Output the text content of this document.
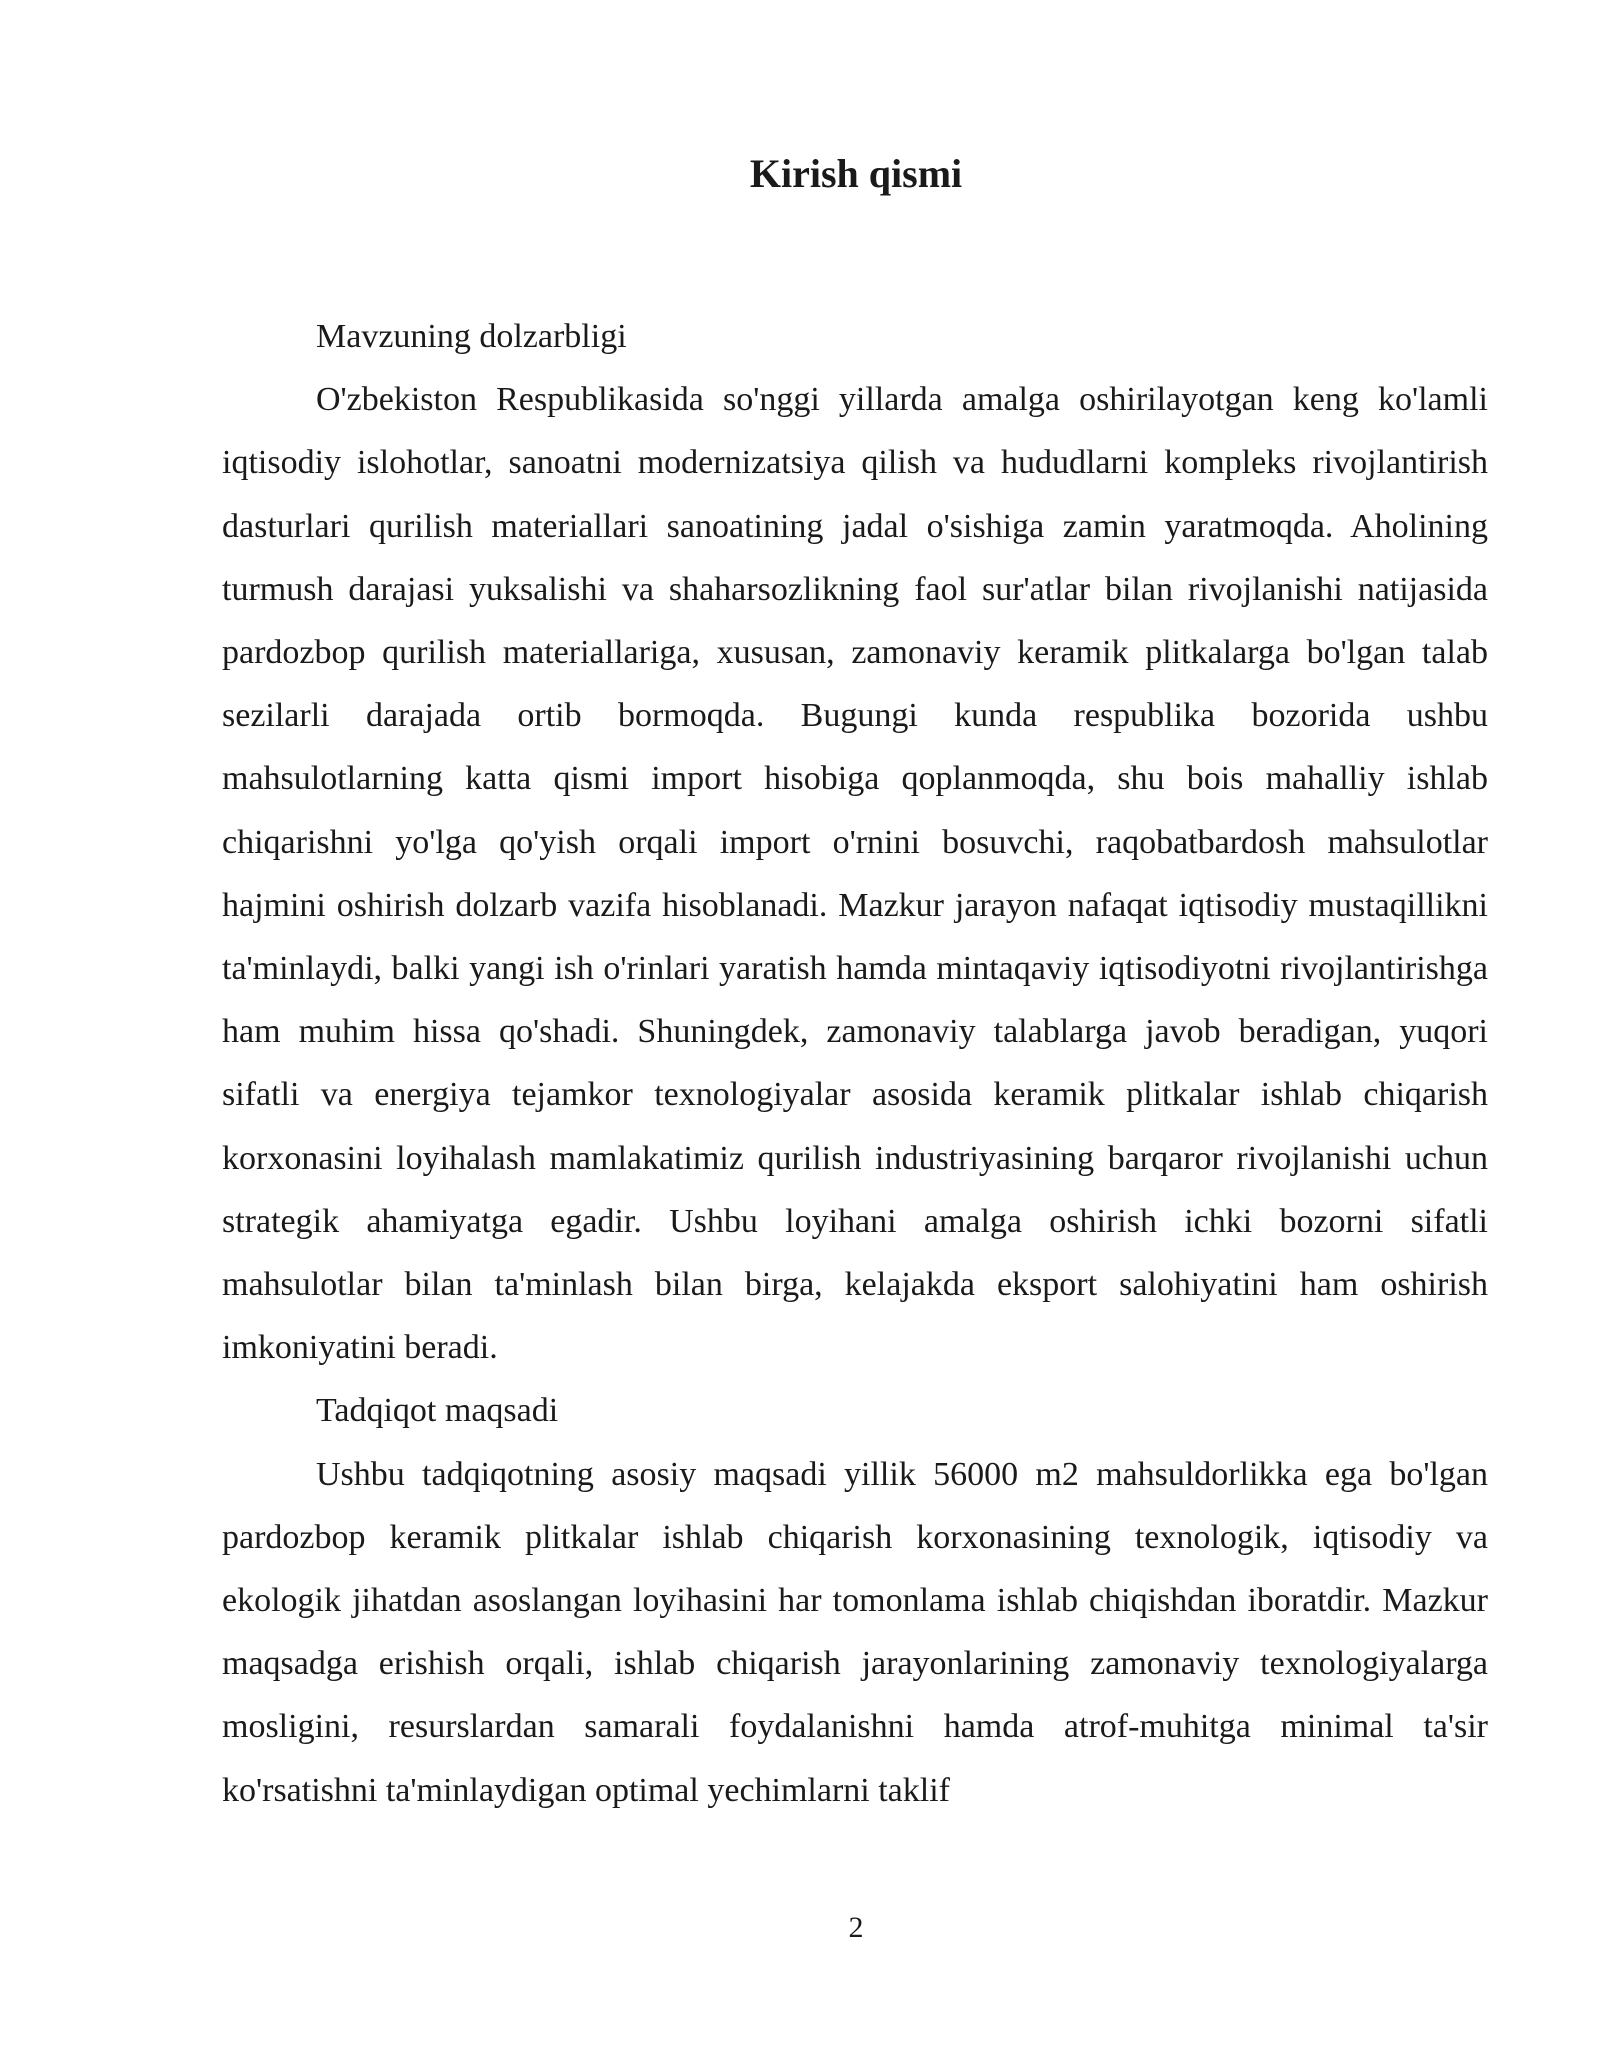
Kirish qismi

Mavzuning dolzarbligi

O'zbekiston Respublikasida so'nggi yillarda amalga oshirilayotgan keng ko'lamli iqtisodiy islohotlar, sanoatni modernizatsiya qilish va hududlarni kompleks rivojlantirish dasturlari qurilish materiallari sanoatining jadal o'sishiga zamin yaratmoqda. Aholining turmush darajasi yuksalishi va shaharsozlikning faol sur'atlar bilan rivojlanishi natijasida pardozbop qurilish materiallariga, xususan, zamonaviy keramik plitkalarga bo'lgan talab sezilarli darajada ortib bormoqda. Bugungi kunda respublika bozorida ushbu mahsulotlarning katta qismi import hisobiga qoplanmoqda, shu bois mahalliy ishlab chiqarishni yo'lga qo'yish orqali import o'rnini bosuvchi, raqobatbardosh mahsulotlar hajmini oshirish dolzarb vazifa hisoblanadi. Mazkur jarayon nafaqat iqtisodiy mustaqillikni ta'minlaydi, balki yangi ish o'rinlari yaratish hamda mintaqaviy iqtisodiyotni rivojlantirishga ham muhim hissa qo'shadi. Shuningdek, zamonaviy talablarga javob beradigan, yuqori sifatli va energiya tejamkor texnologiyalar asosida keramik plitkalar ishlab chiqarish korxonasini loyihalash mamlakatimiz qurilish industriyasining barqaror rivojlanishi uchun strategik ahamiyatga egadir. Ushbu loyihani amalga oshirish ichki bozorni sifatli mahsulotlar bilan ta'minlash bilan birga, kelajakda eksport salohiyatini ham oshirish imkoniyatini beradi.

Tadqiqot maqsadi

Ushbu tadqiqotning asosiy maqsadi yillik 56000 m2 mahsuldorlikka ega bo'lgan pardozbop keramik plitkalar ishlab chiqarish korxonasining texnologik, iqtisodiy va ekologik jihatdan asoslangan loyihasini har tomonlama ishlab chiqishdan iboratdir. Mazkur maqsadga erishish orqali, ishlab chiqarish jarayonlarining zamonaviy texnologiyalarga mosligini, resurslardan samarali foydalanishni hamda atrof-muhitga minimal ta'sir ko'rsatishni ta'minlaydigan optimal yechimlarni taklif

2
